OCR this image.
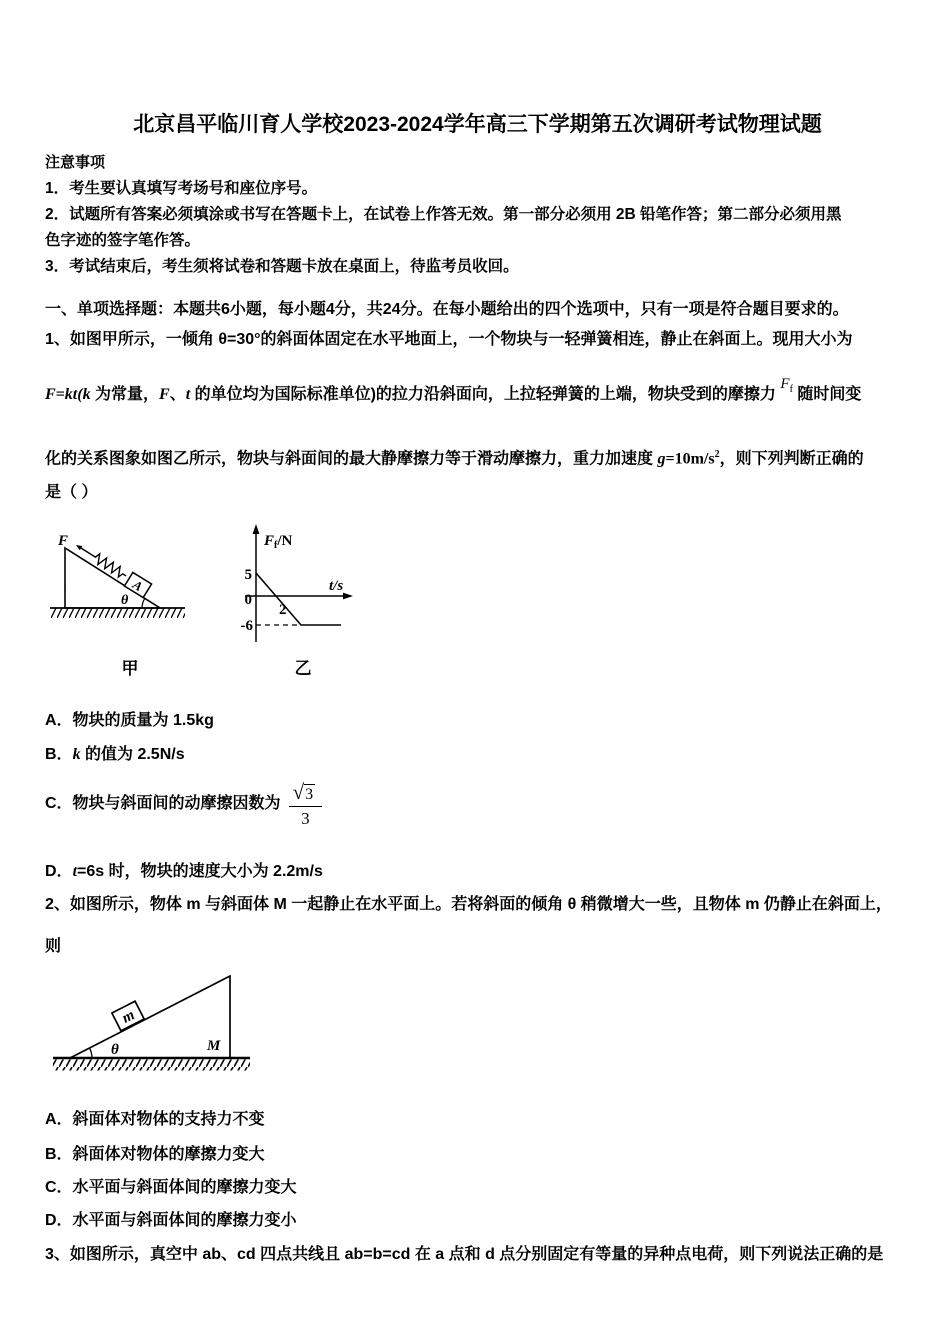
北京昌平临川育人学校2023-2024学年高三下学期第五次调研考试物理试题
注意事项
1．考生要认真填写考场号和座位序号。
2．试题所有答案必须填涂或书写在答题卡上，在试卷上作答无效。第一部分必须用 2B 铅笔作答；第二部分必须用黑
色字迹的签字笔作答。
3．考试结束后，考生须将试卷和答题卡放在桌面上，待监考员收回。
一、单项选择题：本题共6小题，每小题4分，共24分。在每小题给出的四个选项中，只有一项是符合题目要求的。
1、如图甲所示，一倾角 θ=30°的斜面体固定在水平地面上，一个物块与一轻弹簧相连，静止在斜面上。现用大小为
F=kt(k 为常量，F、t 的单位均为国际标准单位)的拉力沿斜面向，上拉轻弹簧的上端，物块受到的摩擦力 $F_f$ 随时间变
化的关系图象如图乙所示，物块与斜面间的最大静摩擦力等于滑动摩擦力，重力加速度 $g=10m/s^2$，则下列判断正确的
是（ ）
A
F
θ
甲
$F_f/N$
t/s
5
0
2
-6
乙
A．物块的质量为 1.5kg
B．k 的值为 2.5N/s
C．物块与斜面间的动摩擦因数为 $\frac{√ 3}{3}$
D．t=6s 时，物块的速度大小为 2.2m/s
2、如图所示，物体 m 与斜面体 M 一起静止在水平面上。若将斜面的倾角 θ 稍微增大一些，且物体 m 仍静止在斜面上，
则
m
θ	M
A．斜面体对物体的支持力不变
B．斜面体对物体的摩擦力变大
C．水平面与斜面体间的摩擦力变大
D．水平面与斜面体间的摩擦力变小
3、如图所示，真空中 ab、cd 四点共线且 ab=b=cd 在 a 点和 d 点分别固定有等量的异种点电荷，则下列说法正确的是
